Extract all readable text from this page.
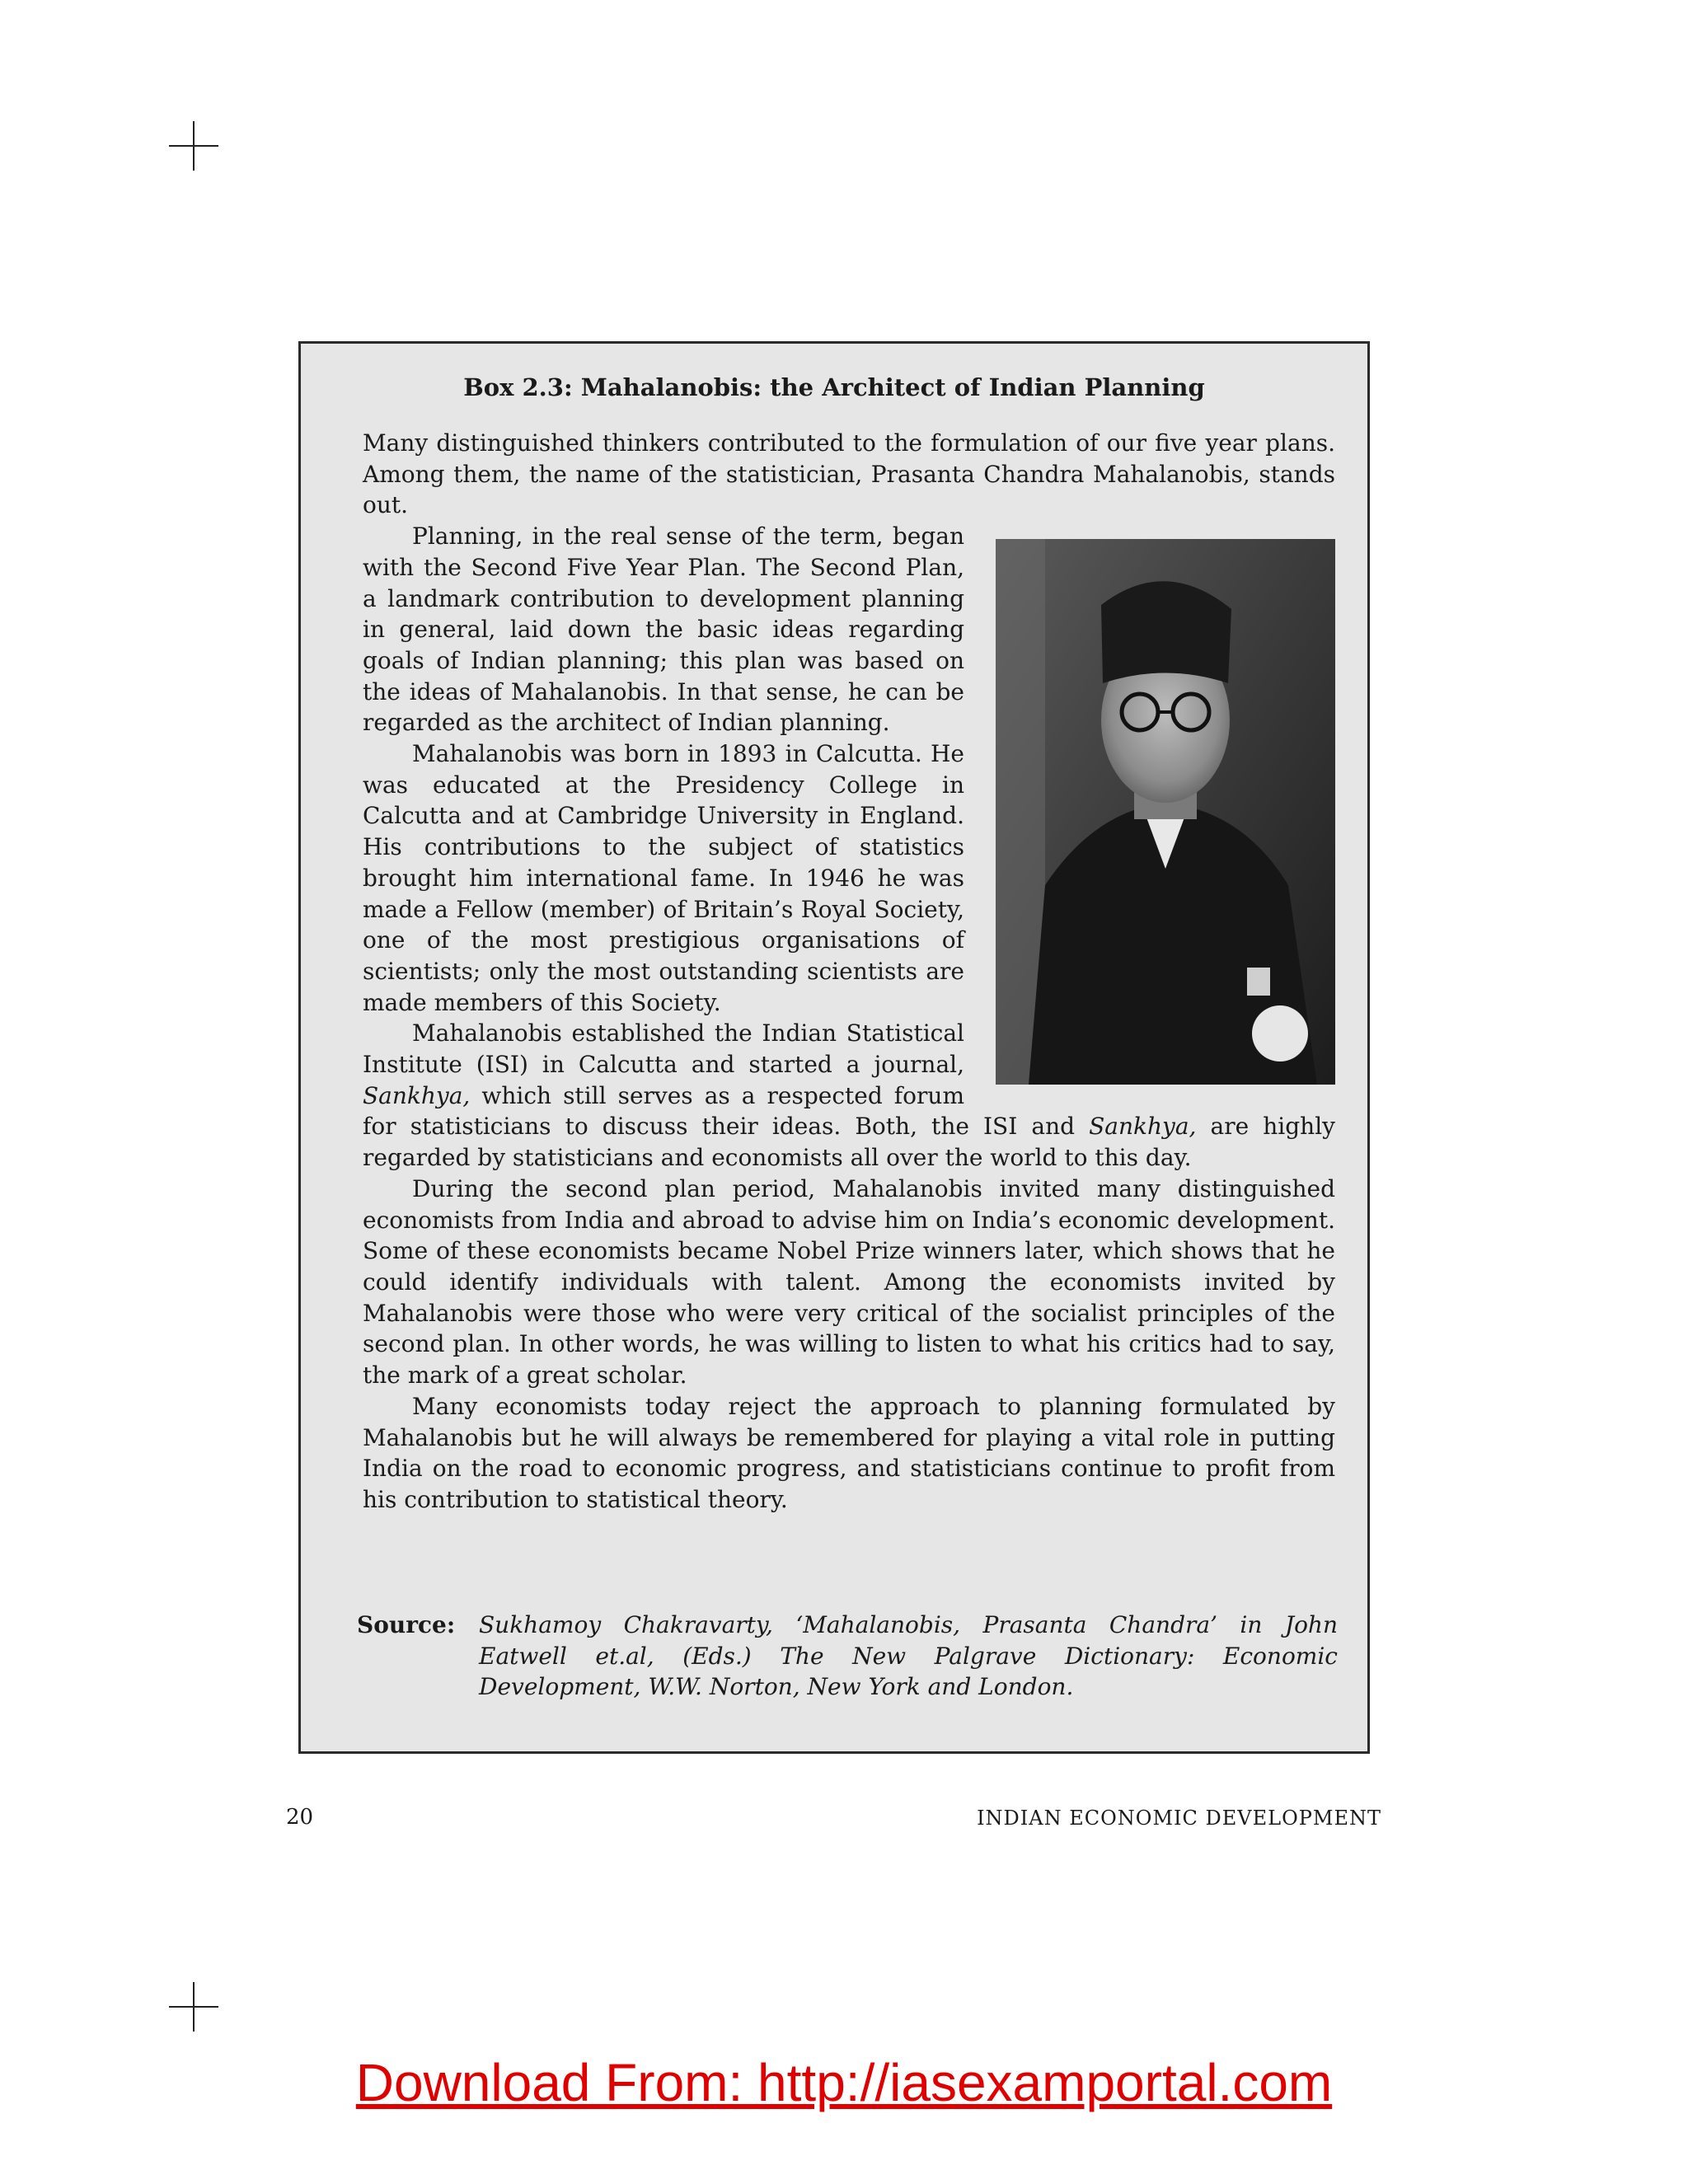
Box 2.3: Mahalanobis: the Architect of Indian Planning

Many distinguished thinkers contributed to the formulation of our five year plans. Among them, the name of the statistician, Prasanta Chandra Mahalanobis, stands out.

Planning, in the real sense of the term, began with the Second Five Year Plan. The Second Plan, a landmark contribution to development planning in general, laid down the basic ideas regarding goals of Indian planning; this plan was based on the ideas of Mahalanobis. In that sense, he can be regarded as the architect of Indian planning.

Mahalanobis was born in 1893 in Calcutta. He was educated at the Presidency College in Calcutta and at Cambridge University in England. His contributions to the subject of statistics brought him international fame. In 1946 he was made a Fellow (member) of Britain’s Royal Society, one of the most prestigious organisations of scientists; only the most outstanding scientists are made members of this Society.

Mahalanobis established the Indian Statistical Institute (ISI) in Calcutta and started a journal, Sankhya, which still serves as a respected forum for statisticians to discuss their ideas. Both, the ISI and Sankhya, are highly regarded by statisticians and economists all over the world to this day.

During the second plan period, Mahalanobis invited many distinguished economists from India and abroad to advise him on India’s economic development. Some of these economists became Nobel Prize winners later, which shows that he could identify individuals with talent. Among the economists invited by Mahalanobis were those who were very critical of the socialist principles of the second plan. In other words, he was willing to listen to what his critics had to say, the mark of a great scholar.

Many economists today reject the approach to planning formulated by Mahalanobis but he will always be remembered for playing a vital role in putting India on the road to economic progress, and statisticians continue to profit from his contribution to statistical theory.

Source: Sukhamoy Chakravarty, ‘Mahalanobis, Prasanta Chandra’ in John Eatwell et.al, (Eds.) The New Palgrave Dictionary: Economic Development, W.W. Norton, New York and London.
20	INDIAN ECONOMIC DEVELOPMENT
Download From: http://iasexamportal.com
